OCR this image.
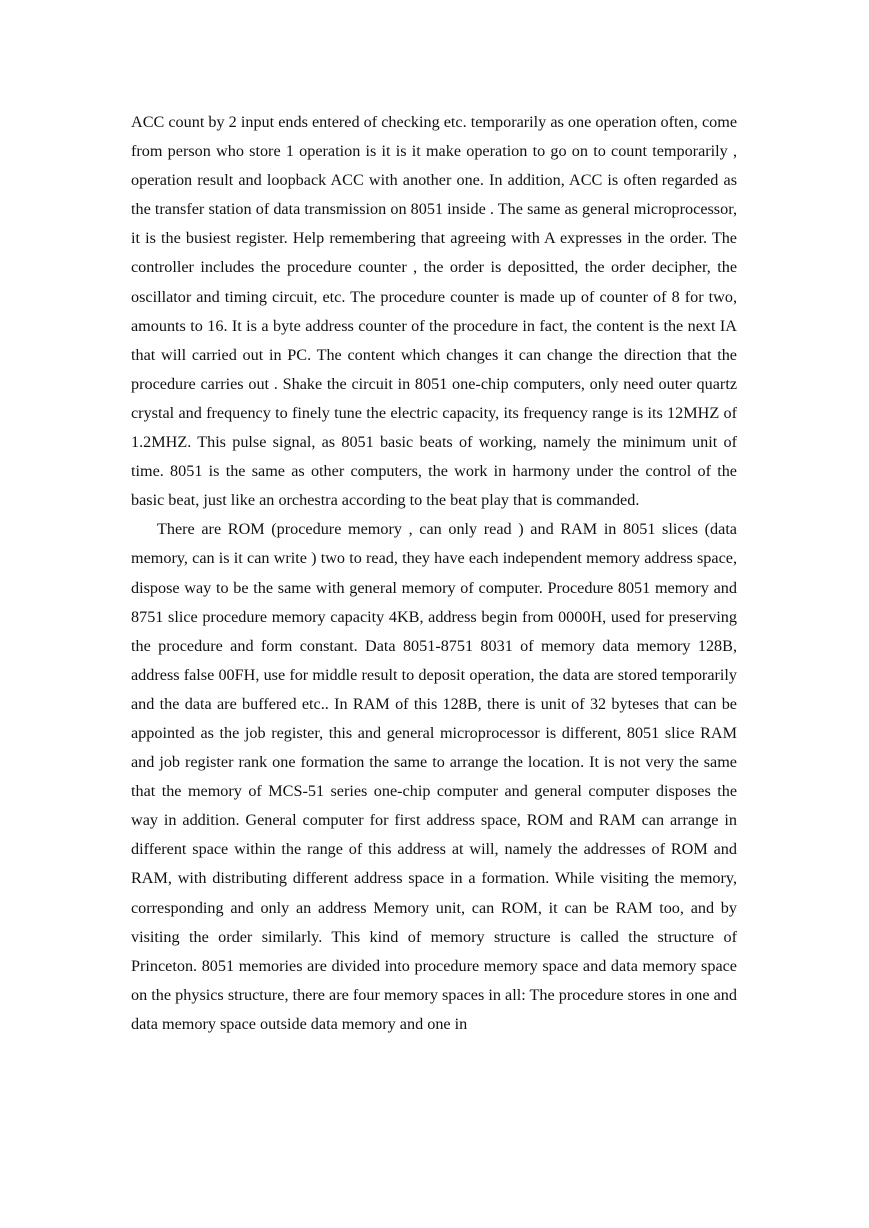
ACC count by 2 input ends entered of checking etc. temporarily as one operation often, come from person who store 1 operation is it is it make operation to go on to count temporarily , operation result and loopback ACC with another one. In addition, ACC is often regarded as the transfer station of data transmission on 8051 inside . The same as general microprocessor, it is the busiest register. Help remembering that agreeing with A expresses in the order. The controller includes the procedure counter , the order is depositted, the order decipher, the oscillator and timing circuit, etc. The procedure counter is made up of counter of 8 for two, amounts to 16. It is a byte address counter of the procedure in fact, the content is the next IA that will carried out in PC. The content which changes it can change the direction that the procedure carries out . Shake the circuit in 8051 one-chip computers, only need outer quartz crystal and frequency to finely tune the electric capacity, its frequency range is its 12MHZ of 1.2MHZ. This pulse signal, as 8051 basic beats of working, namely the minimum unit of time. 8051 is the same as other computers, the work in harmony under the control of the basic beat, just like an orchestra according to the beat play that is commanded.

There are ROM (procedure memory , can only read ) and RAM in 8051 slices (data memory, can is it can write ) two to read, they have each independent memory address space, dispose way to be the same with general memory of computer. Procedure 8051 memory and 8751 slice procedure memory capacity 4KB, address begin from 0000H, used for preserving the procedure and form constant. Data 8051-8751 8031 of memory data memory 128B, address false 00FH, use for middle result to deposit operation, the data are stored temporarily and the data are buffered etc.. In RAM of this 128B, there is unit of 32 byteses that can be appointed as the job register, this and general microprocessor is different, 8051 slice RAM and job register rank one formation the same to arrange the location. It is not very the same that the memory of MCS-51 series one-chip computer and general computer disposes the way in addition. General computer for first address space, ROM and RAM can arrange in different space within the range of this address at will, namely the addresses of ROM and RAM, with distributing different address space in a formation. While visiting the memory, corresponding and only an address Memory unit, can ROM, it can be RAM too, and by visiting the order similarly. This kind of memory structure is called the structure of Princeton. 8051 memories are divided into procedure memory space and data memory space on the physics structure, there are four memory spaces in all: The procedure stores in one and data memory space outside data memory and one in
